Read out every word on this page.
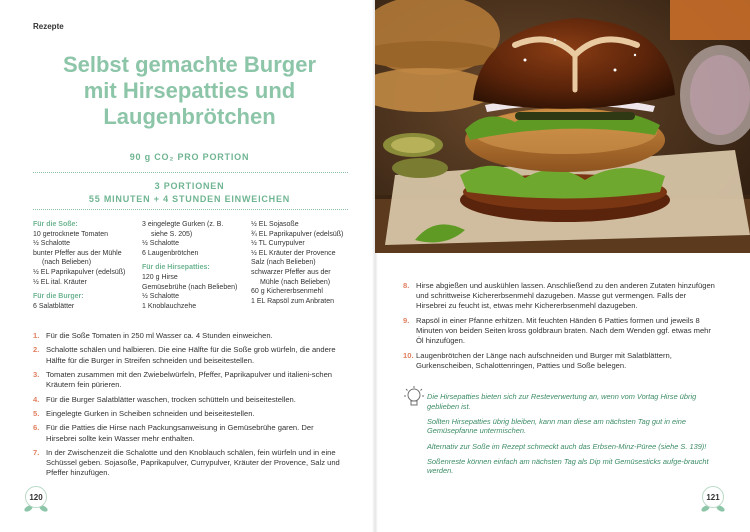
Rezepte
Selbst gemachte Burger
mit Hirsepatties und
Laugenbrötchen
90 g CO₂ PRO PORTION
3 PORTIONEN
55 MINUTEN + 4 STUNDEN EINWEICHEN
Für die Soße:
10 getrocknete Tomaten
½ Schalotte
bunter Pfeffer aus der Mühle
(nach Belieben)
½ EL Paprikapulver (edelsüß)
½ EL ital. Kräuter
Für die Burger:
6 Salatblätter
3 eingelegte Gurken (z. B.
siehe S. 205)
½ Schalotte
6 Laugenbrötchen
Für die Hirsepatties:
120 g Hirse
Gemüsebrühe (nach Belieben)
½ Schalotte
1 Knoblauchzehe
½ EL Sojasoße
¾ EL Paprikapulver (edelsüß)
½ TL Currypulver
½ EL Kräuter der Provence
Salz (nach Belieben)
schwarzer Pfeffer aus der
Mühle (nach Belieben)
60 g Kichererbsenmehl
1 EL Rapsöl zum Anbraten
1. Für die Soße Tomaten in 250 ml Wasser ca. 4 Stunden einweichen.
2. Schalotte schälen und halbieren. Die eine Hälfte für die Soße grob würfeln, die andere Hälfte für die Burger in Streifen schneiden und beiseitestellen.
3. Tomaten zusammen mit den Zwiebelwürfeln, Pfeffer, Paprikapulver und italieni-schen Kräutern fein pürieren.
4. Für die Burger Salatblätter waschen, trocken schütteln und beiseitestellen.
5. Eingelegte Gurken in Scheiben schneiden und beiseitestellen.
6. Für die Patties die Hirse nach Packungsanweisung in Gemüsebrühe garen. Der Hirsebrei sollte kein Wasser mehr enthalten.
7. In der Zwischenzeit die Schalotte und den Knoblauch schälen, fein würfeln und in eine Schüssel geben. Sojasoße, Paprikapulver, Currypulver, Kräuter der Provence, Salz und Pfeffer hinzufügen.
120
8. Hirse abgießen und auskühlen lassen. Anschließend zu den anderen Zutaten hinzufügen und schrittweise Kichererbsenmehl dazugeben. Masse gut vermengen. Falls der Hirsebrei zu feucht ist, etwas mehr Kichererbsenmehl dazugeben.
9. Rapsöl in einer Pfanne erhitzen. Mit feuchten Händen 6 Patties formen und jeweils 8 Minuten von beiden Seiten kross goldbraun braten. Nach dem Wenden ggf. etwas mehr Öl hinzufügen.
10. Laugenbrötchen der Länge nach aufschneiden und Burger mit Salatblättern, Gurkenscheiben, Schalottenringen, Patties und Soße belegen.

Die Hirsepatties bieten sich zur Resteverwertung an, wenn vom Vortag Hirse übrig geblieben ist.

Sollten Hirsepatties übrig bleiben, kann man diese am nächsten Tag gut in eine Gemüsepfanne untermischen.

Alternativ zur Soße im Rezept schmeckt auch das Erbsen-Minz-Püree (siehe S. 139)!

Soßenreste können einfach am nächsten Tag als Dip mit Gemüsesticks aufge-braucht werden.

121
